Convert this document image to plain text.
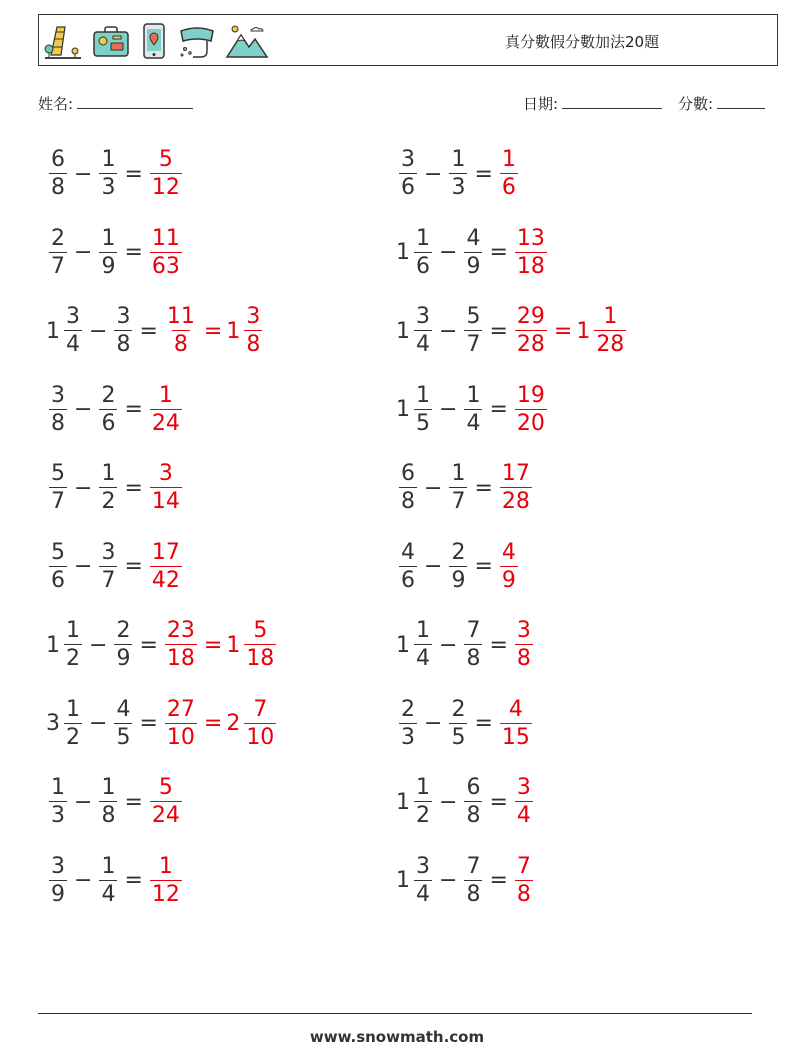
真分數假分數加法20題
姓名:	日期:	分數:
$\frac{6}{8} - \frac{1}{3} = \frac{5}{12}$	$\frac{3}{6} - \frac{1}{3} = \frac{1}{6}$
$\frac{2}{7} - \frac{1}{9} = \frac{11}{63}$	$1 \frac{1}{6} - \frac{4}{9} = \frac{13}{18}$
$1 \frac{3}{4} - \frac{3}{8} = \frac{11}{8} = 1 \frac{3}{8}$	$1 \frac{3}{4} - \frac{5}{7} = \frac{29}{28} = 1 \frac{1}{28}$
$\frac{3}{8} - \frac{2}{6} = \frac{1}{24}$	$1 \frac{1}{5} - \frac{1}{4} = \frac{19}{20}$
$\frac{5}{7} - \frac{1}{2} = \frac{3}{14}$	$\frac{6}{8} - \frac{1}{7} = \frac{17}{28}$
$\frac{5}{6} - \frac{3}{7} = \frac{17}{42}$	$\frac{4}{6} - \frac{2}{9} = \frac{4}{9}$
$1 \frac{1}{2} - \frac{2}{9} = \frac{23}{18} = 1 \frac{5}{18}$	$1 \frac{1}{4} - \frac{7}{8} = \frac{3}{8}$
$3 \frac{1}{2} - \frac{4}{5} = \frac{27}{10} = 2 \frac{7}{10}$	$\frac{2}{3} - \frac{2}{5} = \frac{4}{15}$
$\frac{1}{3} - \frac{1}{8} = \frac{5}{24}$	$1 \frac{1}{2} - \frac{6}{8} = \frac{3}{4}$
$\frac{3}{9} - \frac{1}{4} = \frac{1}{12}$	$1 \frac{3}{4} - \frac{7}{8} = \frac{7}{8}$
www.snowmath.com
